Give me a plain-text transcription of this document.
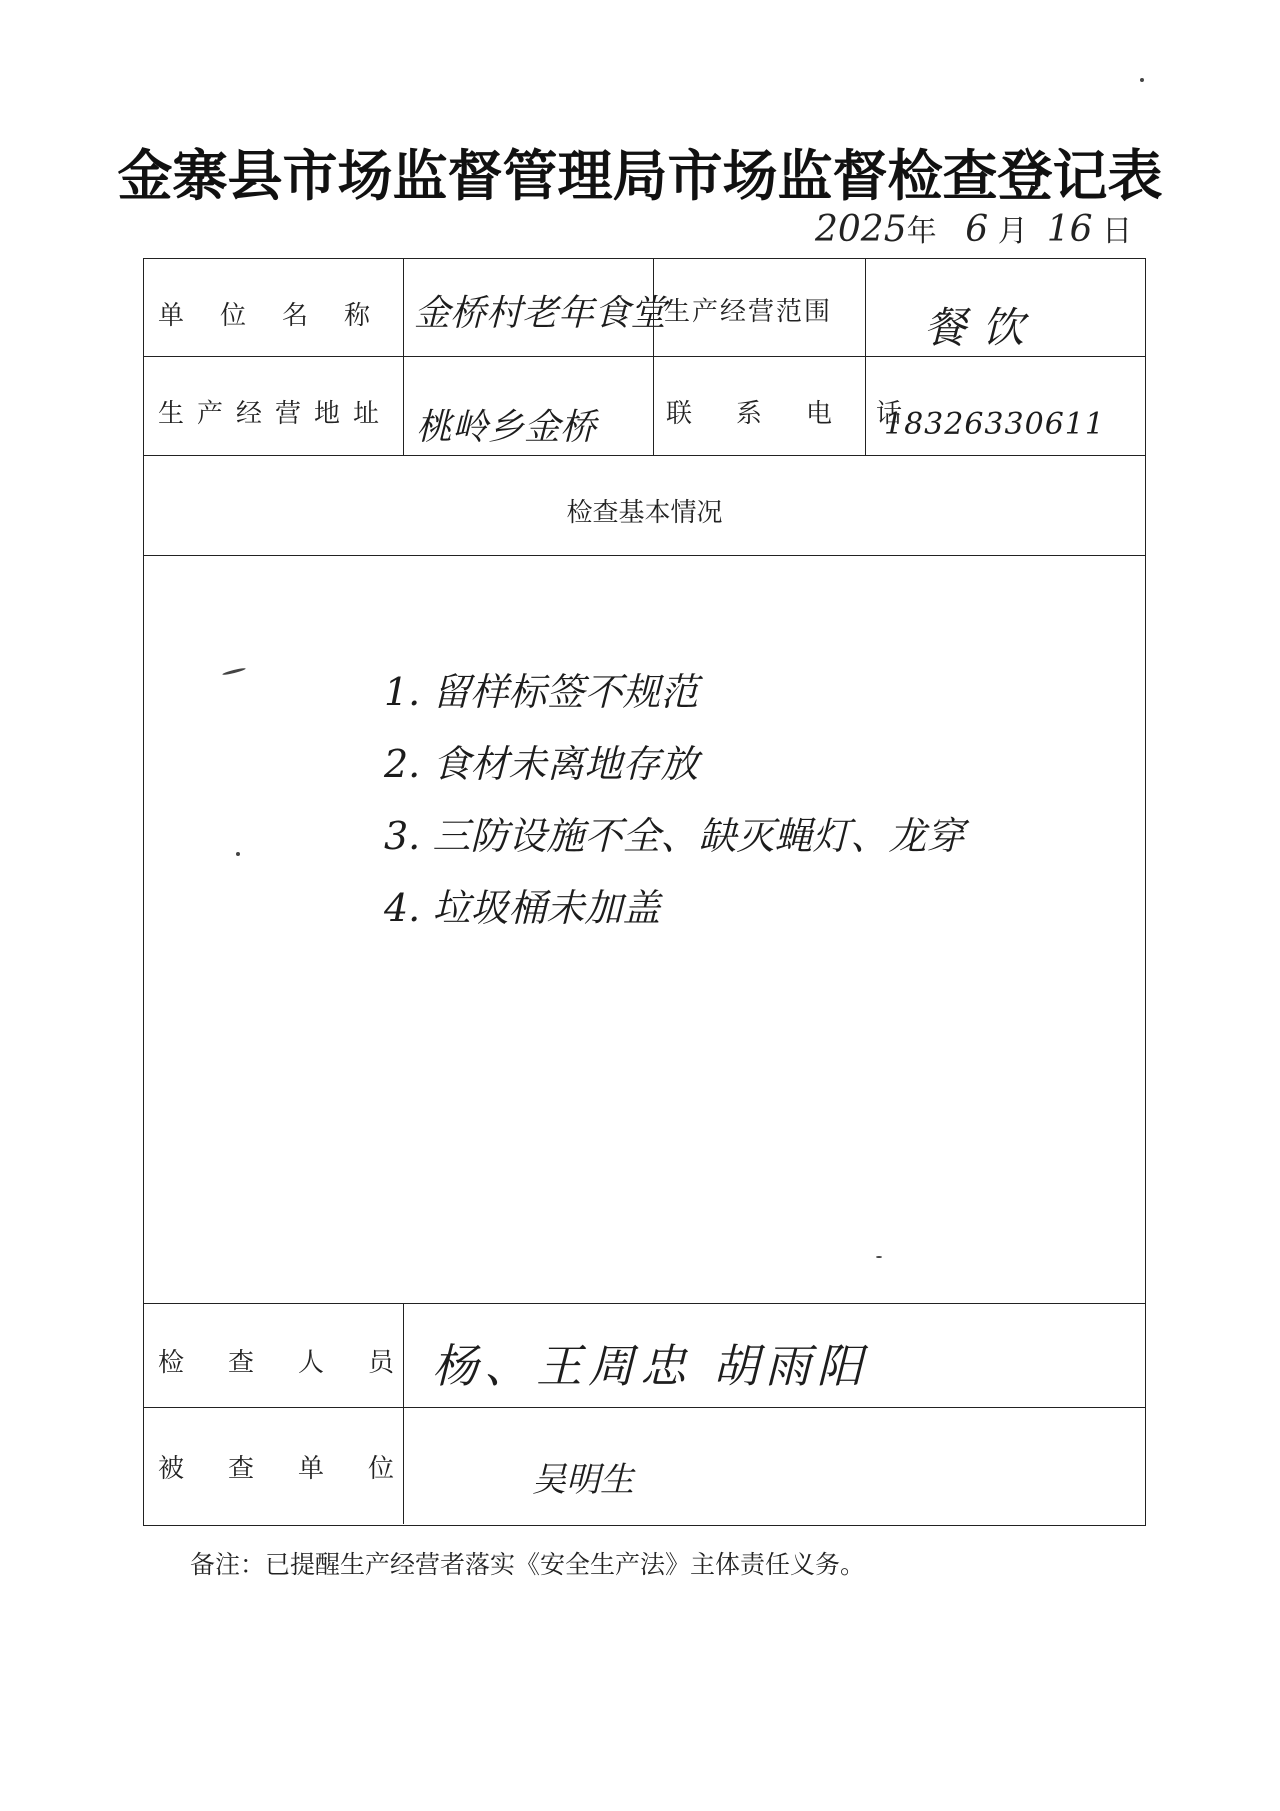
金寨县市场监督管理局市场监督检查登记表
2025年 6 月 16 日
单位名称 金桥村老年食堂
生产经营范围 餐饮
生产经营地址 桃岭乡金桥	联系电话
18326330611
检查基本情况
1. 留样标签不规范
2. 食材未离地存放
3. 三防设施不全、缺灭蝇灯、龙穿
4. 垃圾桶未加盖
检查人员
杨、王周忠 胡雨阳
被查单位	吴明生
备注：已提醒生产经营者落实《安全生产法》主体责任义务。
